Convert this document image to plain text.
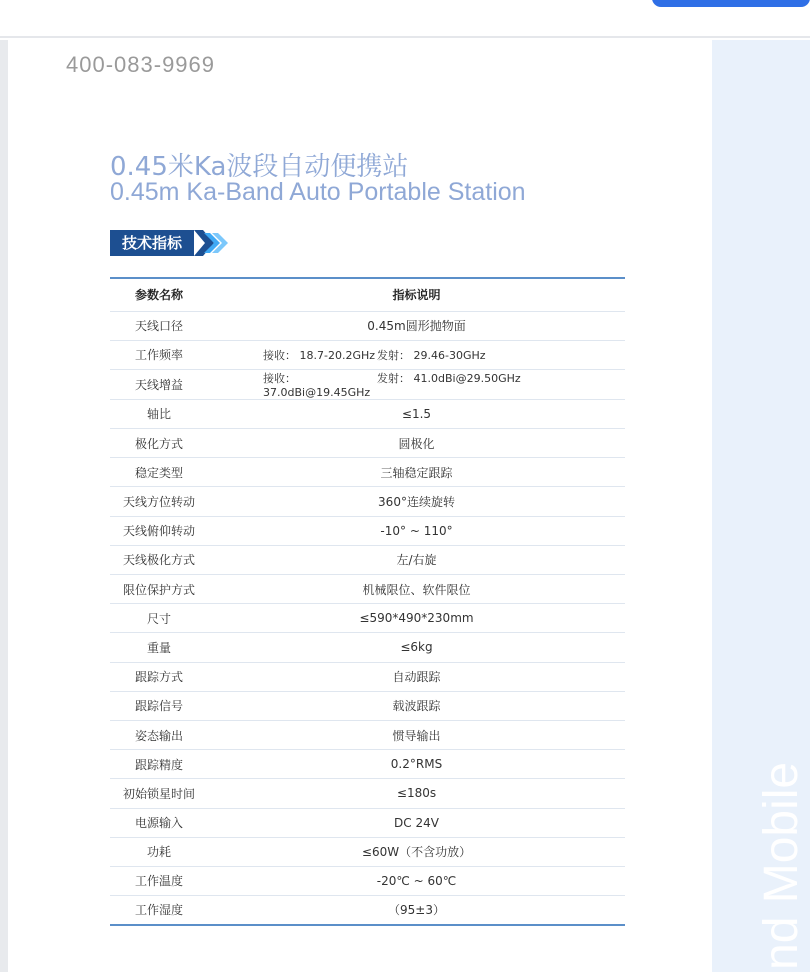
nd Mobile
400-083-9969
0.45米Ka波段自动便携站
0.45m Ka-Band Auto Portable Station
技术指标
参数名称	指标说明
天线口径	0.45m圆形抛物面
工作频率	接收： 18.7-20.2GHz 发射： 29.46-30GHz

天线增益	接收： 37.0dBi@19.45GHz
发射： 41.0dBi@29.50GHz

轴比	≤1.5
极化方式	圆极化
稳定类型	三轴稳定跟踪
天线方位转动	360°连续旋转
天线俯仰转动	-10° ~ 110°
天线极化方式	左/右旋
限位保护方式	机械限位、软件限位
尺寸	≤590*490*230mm
重量	≤6kg
跟踪方式	自动跟踪
跟踪信号	载波跟踪
姿态输出	惯导输出
跟踪精度	0.2°RMS
初始锁星时间	≤180s
电源输入	DC 24V
功耗	≤60W（不含功放）
工作温度	-20℃ ~ 60℃
工作湿度	（95±3）
